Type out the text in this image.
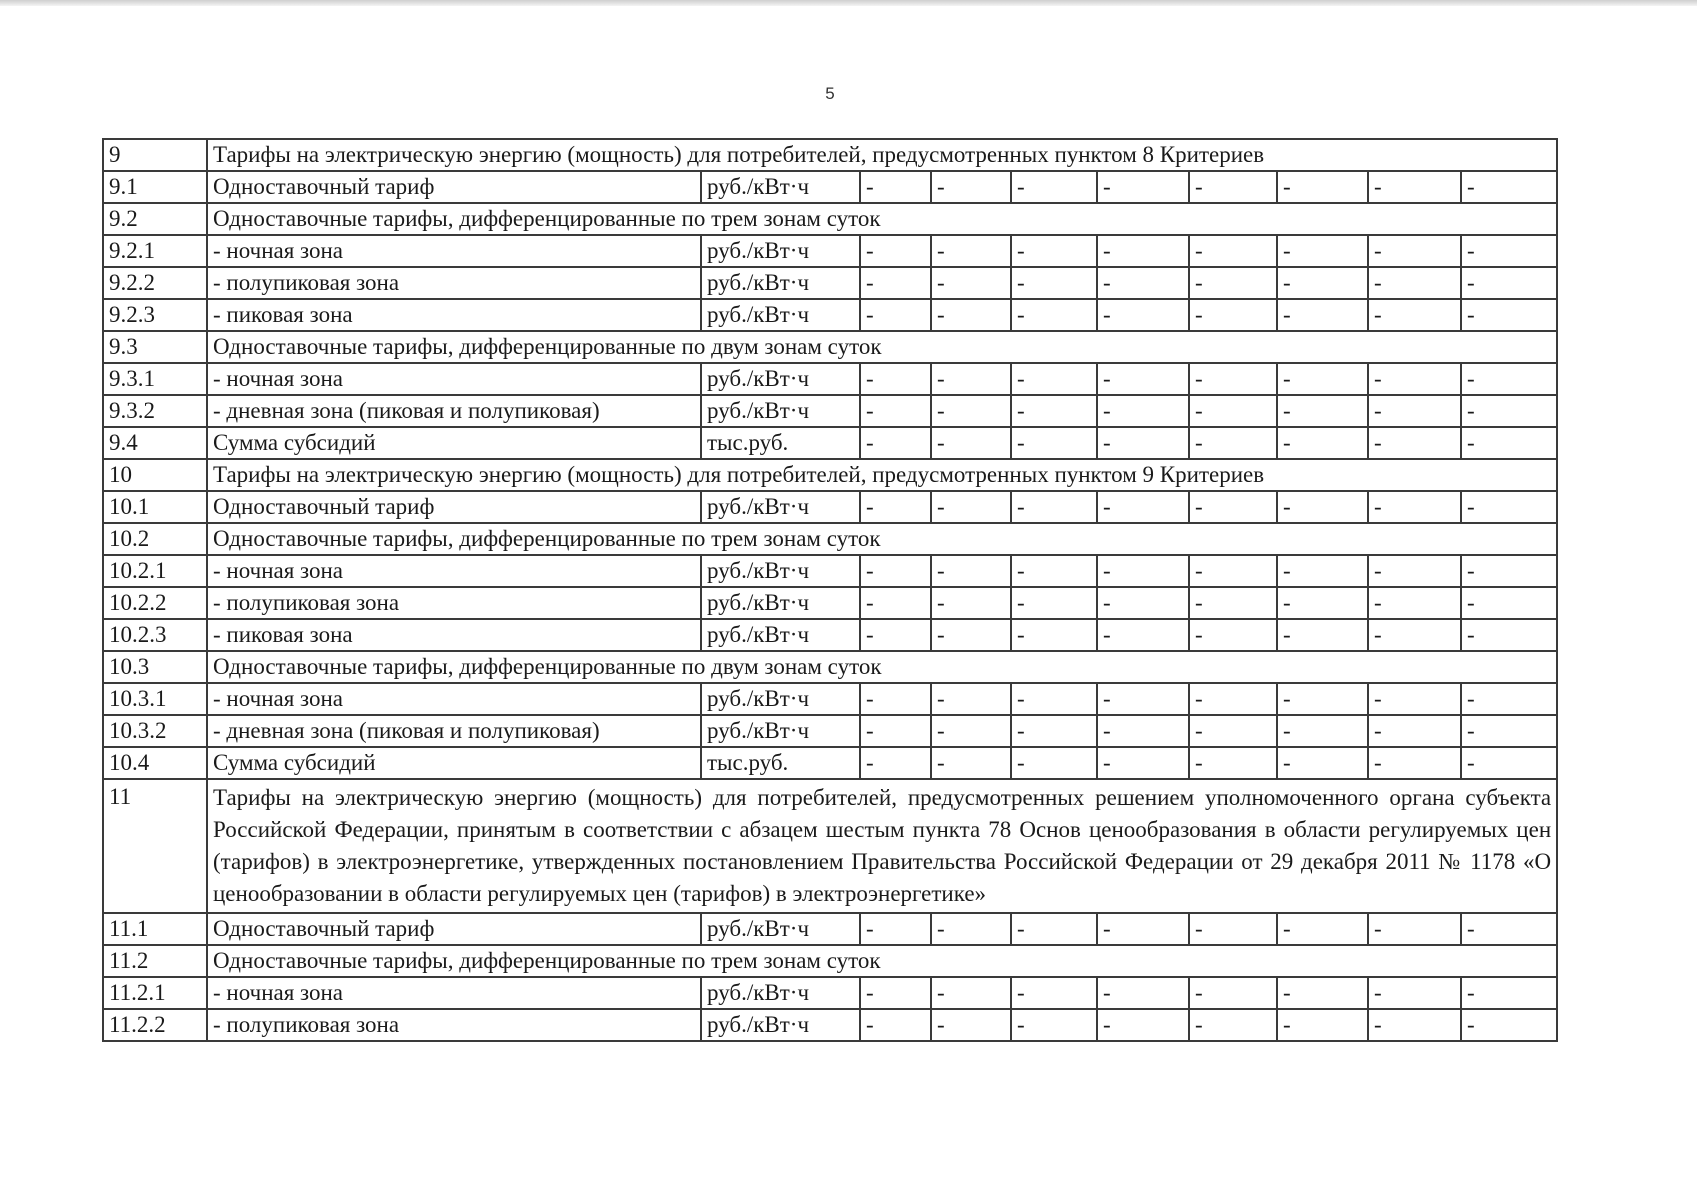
5
9	Тарифы на электрическую энергию (мощность) для потребителей, предусмотренных пунктом 8 Критериев									
9.1	Одноставочный тариф	руб./кВт·ч	-	-	-	-	-	-	-	-
9.2	Одноставочные тарифы, дифференцированные по трем зонам суток									
9.2.1	- ночная зона	руб./кВт·ч	-	-	-	-	-	-	-	-
9.2.2	- полупиковая зона	руб./кВт·ч	-	-	-	-	-	-	-	-
9.2.3	- пиковая зона	руб./кВт·ч	-	-	-	-	-	-	-	-
9.3	Одноставочные тарифы, дифференцированные по двум зонам суток									
9.3.1	- ночная зона	руб./кВт·ч	-	-	-	-	-	-	-	-
9.3.2	- дневная зона (пиковая и полупиковая)	руб./кВт·ч	-	-	-	-	-	-	-	-
9.4	Сумма субсидий	тыс.руб.	-	-	-	-	-	-	-	-
10	Тарифы на электрическую энергию (мощность) для потребителей, предусмотренных пунктом 9 Критериев									
10.1	Одноставочный тариф	руб./кВт·ч	-	-	-	-	-	-	-	-
10.2	Одноставочные тарифы, дифференцированные по трем зонам суток									
10.2.1	- ночная зона	руб./кВт·ч	-	-	-	-	-	-	-	-
10.2.2	- полупиковая зона	руб./кВт·ч	-	-	-	-	-	-	-	-
10.2.3	- пиковая зона	руб./кВт·ч	-	-	-	-	-	-	-	-
10.3	Одноставочные тарифы, дифференцированные по двум зонам суток									
10.3.1	- ночная зона	руб./кВт·ч	-	-	-	-	-	-	-	-
10.3.2	- дневная зона (пиковая и полупиковая)	руб./кВт·ч	-	-	-	-	-	-	-	-
10.4	Сумма субсидий	тыс.руб.	-	-	-	-	-	-	-	-
11	Тарифы на электрическую энергию (мощность) для потребителей, предусмотренных решением уполномоченного органа субъекта Российской Федерации, принятым в соответствии с абзацем шестым пункта 78 Основ ценообразования в области регулируемых цен (тарифов) в электроэнергетике, утвержденных постановлением Правительства Российской Федерации от 29 декабря 2011 № 1178 «О ценообразовании в области регулируемых цен (тарифов) в электроэнергетике»									
11.1	Одноставочный тариф	руб./кВт·ч	-	-	-	-	-	-	-	-
11.2	Одноставочные тарифы, дифференцированные по трем зонам суток									
11.2.1	- ночная зона	руб./кВт·ч	-	-	-	-	-	-	-	-
11.2.2	- полупиковая зона	руб./кВт·ч	-	-	-	-	-	-	-	-
